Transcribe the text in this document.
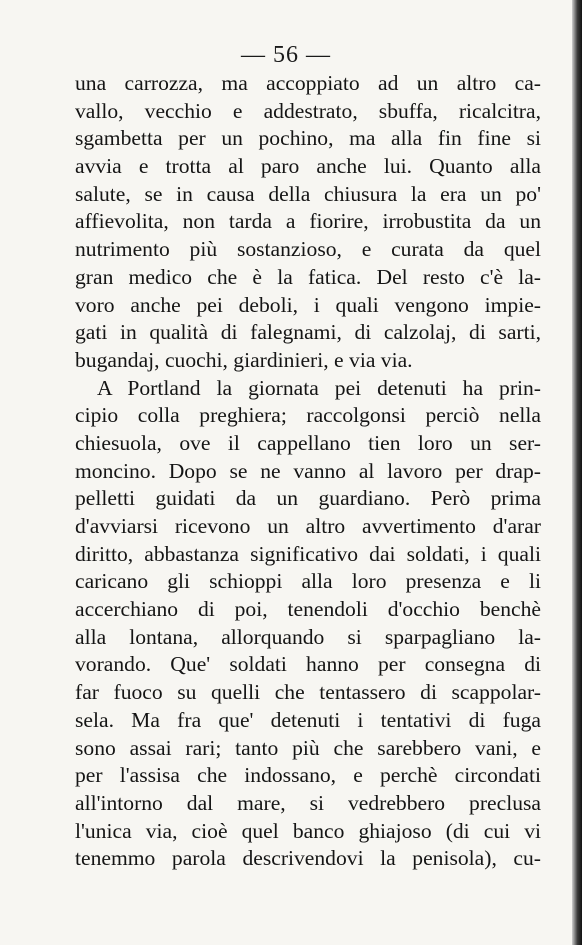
— 56 —
una carrozza, ma accoppiato ad un altro ca-
vallo, vecchio e addestrato, sbuffa, ricalcitra,
sgambetta per un pochino, ma alla fin fine si
avvia e trotta al paro anche lui. Quanto alla
salute, se in causa della chiusura la era un po'
affievolita, non tarda a fiorire, irrobustita da un
nutrimento più sostanzioso, e curata da quel
gran medico che è la fatica. Del resto c'è la-
voro anche pei deboli, i quali vengono impie-
gati in qualità di falegnami, di calzolaj, di sarti,
bugandaj, cuochi, giardinieri, e via via.
A Portland la giornata pei detenuti ha prin-
cipio colla preghiera; raccolgonsi perciò nella
chiesuola, ove il cappellano tien loro un ser-
moncino. Dopo se ne vanno al lavoro per drap-
pelletti guidati da un guardiano. Però prima
d'avviarsi ricevono un altro avvertimento d'arar
diritto, abbastanza significativo dai soldati, i quali
caricano gli schioppi alla loro presenza e li
accerchiano di poi, tenendoli d'occhio benchè
alla lontana, allorquando si sparpagliano la-
vorando. Que' soldati hanno per consegna di
far fuoco su quelli che tentassero di scappolar-
sela. Ma fra que' detenuti i tentativi di fuga
sono assai rari; tanto più che sarebbero vani, e
per l'assisa che indossano, e perchè circondati
all'intorno dal mare, si vedrebbero preclusa
l'unica via, cioè quel banco ghiajoso (di cui vi
tenemmo parola descrivendovi la penisola), cu-
